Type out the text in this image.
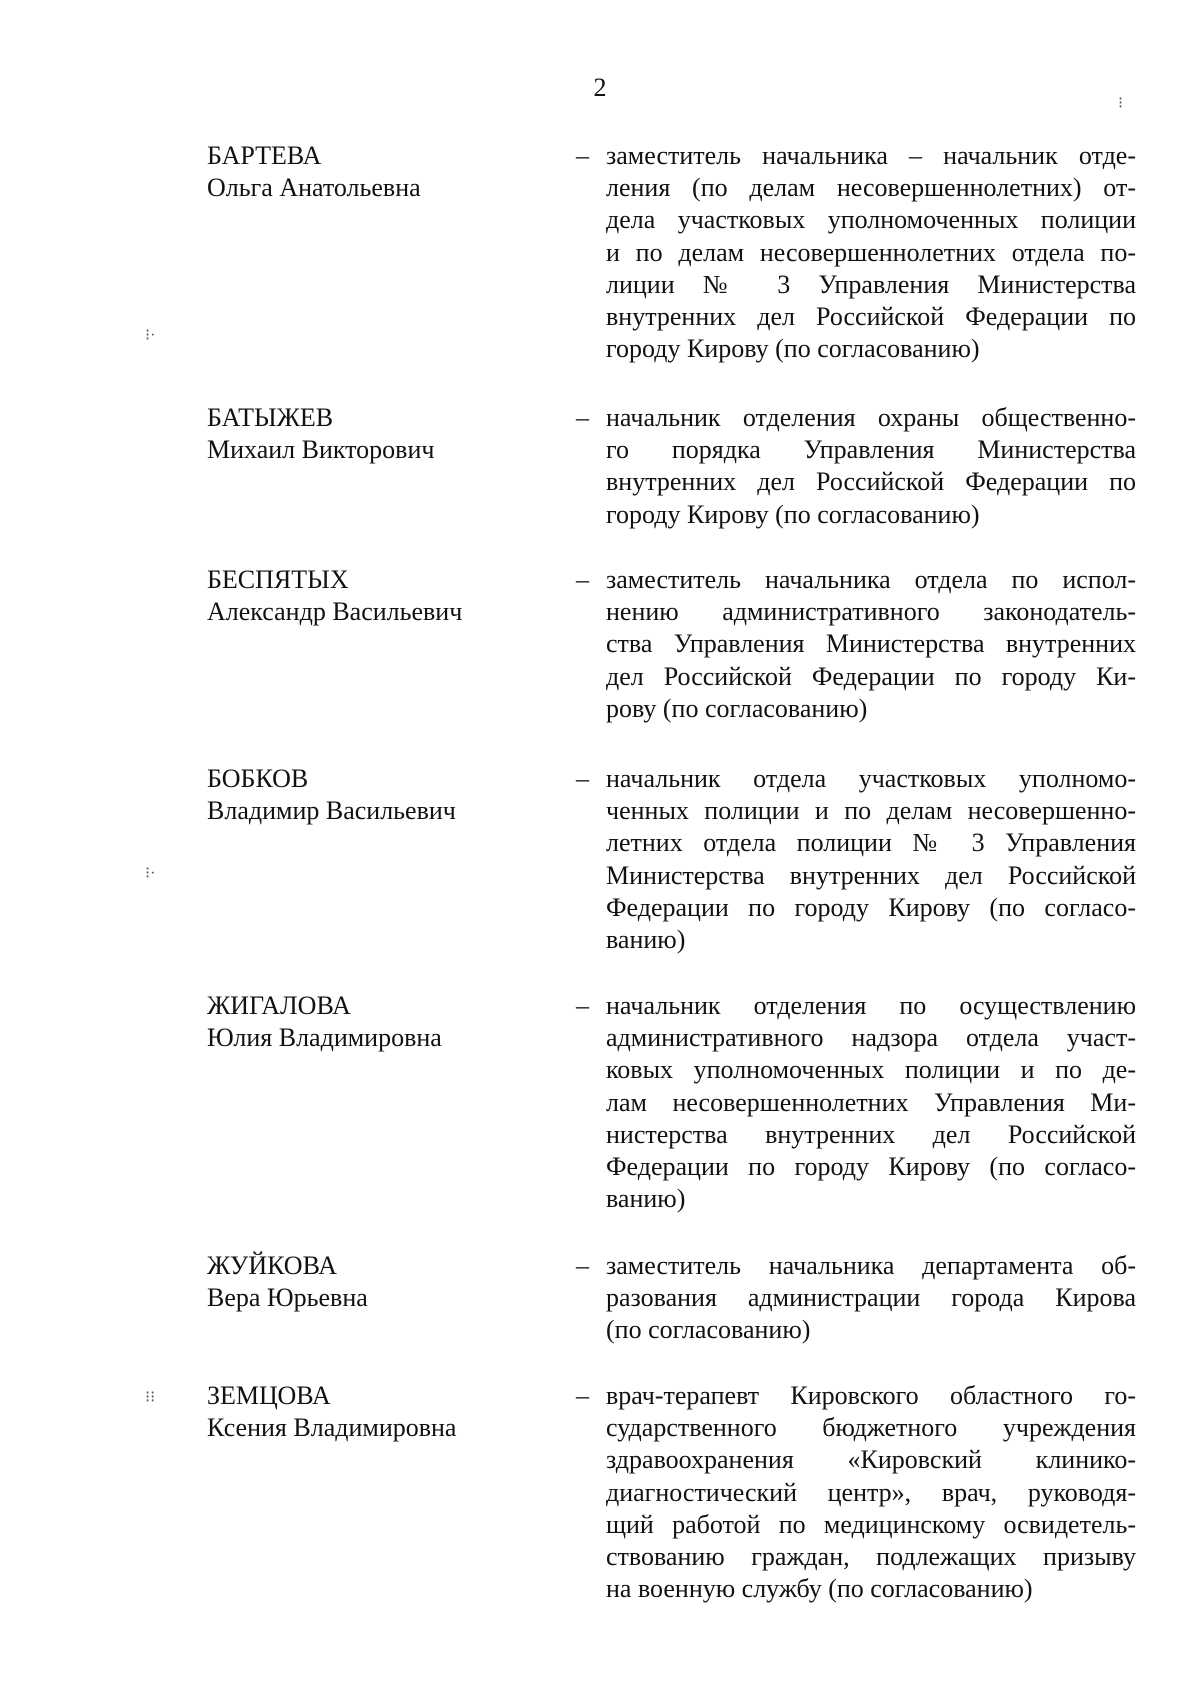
2
БАРТЕВА
Ольга Анатольевна
– заместитель начальника – начальник отде-
ления (по делам несовершеннолетних) от-
дела участковых уполномоченных полиции
и по делам несовершеннолетних отдела по-
лиции № 3 Управления Министерства
внутренних дел Российской Федерации по
городу Кирову (по согласованию)
БАТЫЖЕВ
Михаил Викторович
– начальник отделения охраны общественно-
го порядка Управления Министерства
внутренних дел Российской Федерации по
городу Кирову (по согласованию)
БЕСПЯТЫХ
Александр Васильевич
– заместитель начальника отдела по испол-
нению административного законодатель-
ства Управления Министерства внутренних
дел Российской Федерации по городу Ки-
рову (по согласованию)
БОБКОВ
Владимир Васильевич
– начальник отдела участковых уполномо-
ченных полиции и по делам несовершенно-
летних отдела полиции № 3 Управления
Министерства внутренних дел Российской
Федерации по городу Кирову (по согласо-
ванию)
ЖИГАЛОВА
Юлия Владимировна
– начальник отделения по осуществлению
административного надзора отдела участ-
ковых уполномоченных полиции и по де-
лам несовершеннолетних Управления Ми-
нистерства внутренних дел Российской
Федерации по городу Кирову (по согласо-
ванию)
ЖУЙКОВА
Вера Юрьевна
– заместитель начальника департамента об-
разования администрации города Кирова
(по согласованию)
ЗЕМЦОВА
Ксения Владимировна
– врач-терапевт Кировского областного го-
сударственного бюджетного учреждения
здравоохранения «Кировский клинико-
диагностический центр», врач, руководя-
щий работой по медицинскому освидетель-
ствованию граждан, подлежащих призыву
на военную службу (по согласованию)
⁝·
⁝·
⁝⁝
⁝
